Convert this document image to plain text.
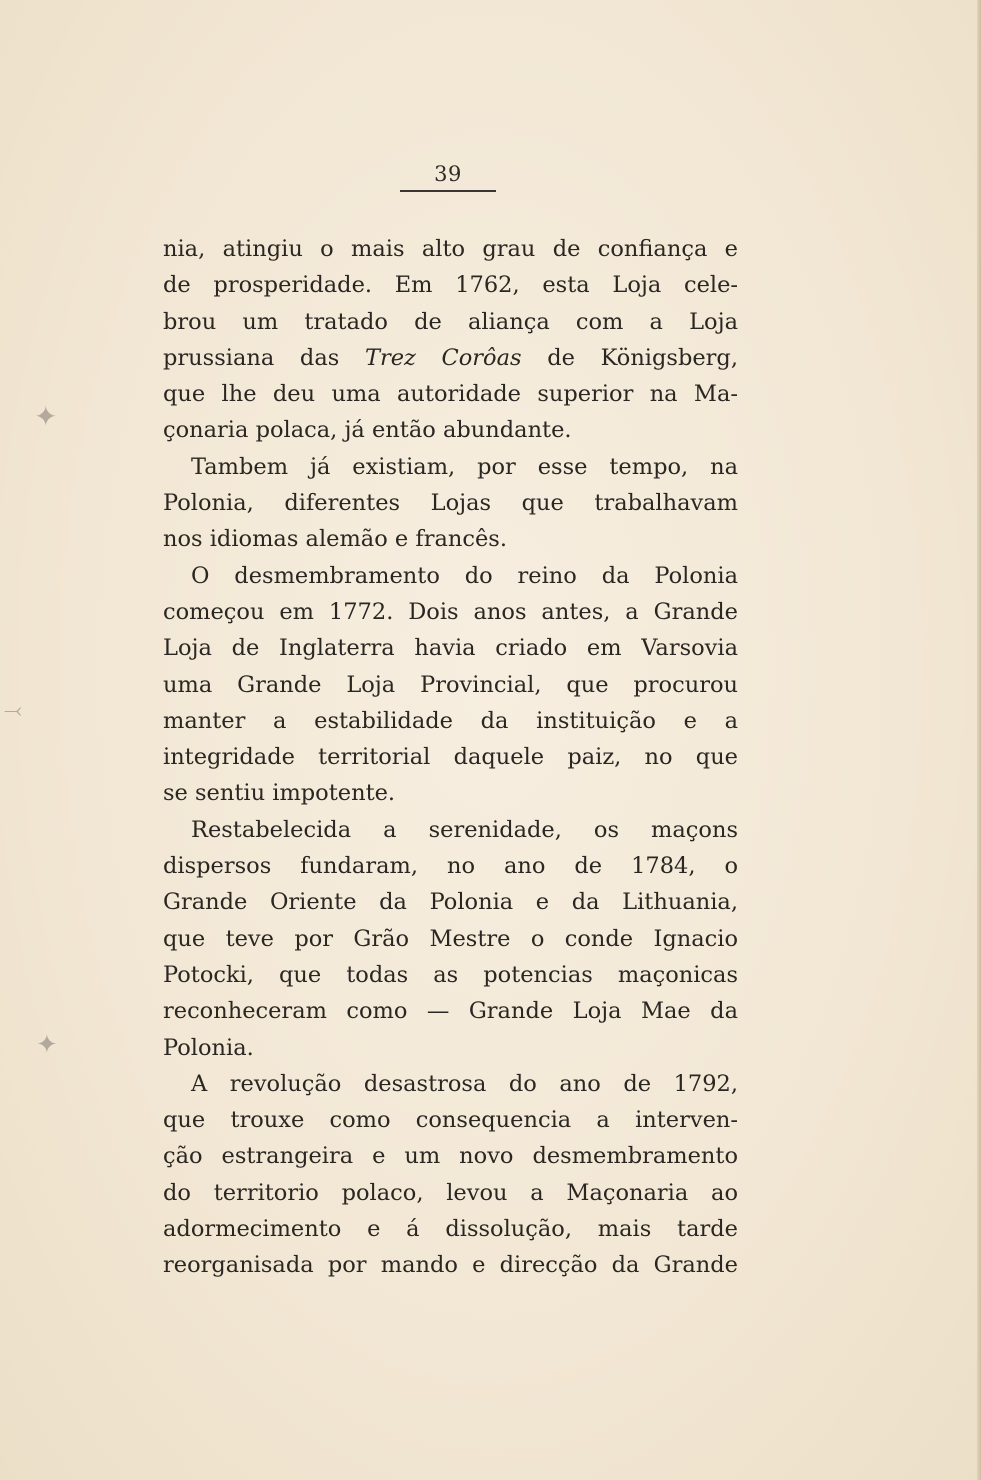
39
nia, atingiu o mais alto grau de confiança e
de prosperidade. Em 1762, esta Loja cele-
brou um tratado de aliança com a Loja
prussiana das Trez Corôas de Königsberg,
que lhe deu uma autoridade superior na Ma-
çonaria polaca, já então abundante.
Tambem já existiam, por esse tempo, na
Polonia, diferentes Lojas que trabalhavam
nos idiomas alemão e francês.
O desmembramento do reino da Polonia
começou em 1772. Dois anos antes, a Grande
Loja de Inglaterra havia criado em Varsovia
uma Grande Loja Provincial, que procurou
manter a estabilidade da instituição e a
integridade territorial daquele paiz, no que
se sentiu impotente.
Restabelecida a serenidade, os maçons
dispersos fundaram, no ano de 1784, o
Grande Oriente da Polonia e da Lithuania,
que teve por Grão Mestre o conde Ignacio
Potocki, que todas as potencias maçonicas
reconheceram como — Grande Loja Mae da
Polonia.
A revolução desastrosa do ano de 1792,
que trouxe como consequencia a interven-
ção estrangeira e um novo desmembramento
do territorio polaco, levou a Maçonaria ao
adormecimento e á dissolução, mais tarde
reorganisada por mando e direcção da Grande
✦
⤙
✦
